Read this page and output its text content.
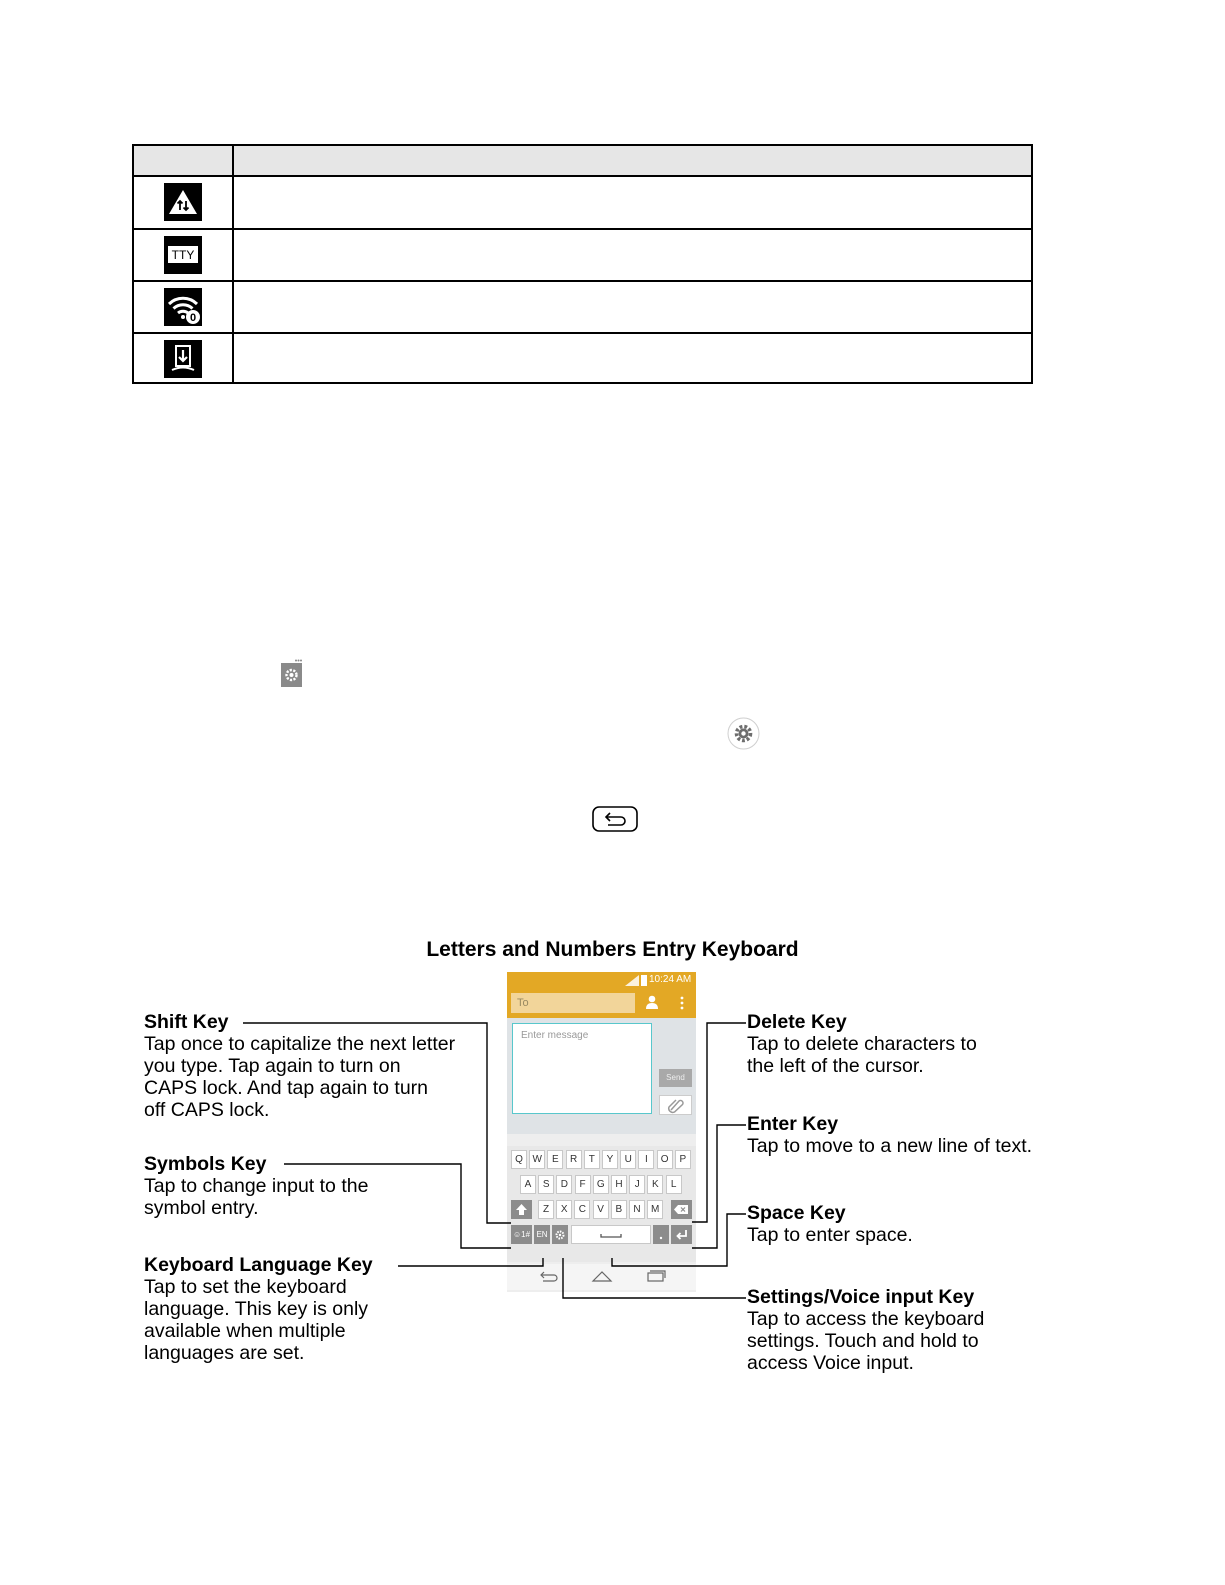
TTY
0
Letters and Numbers Entry Keyboard
10:24 AM
To
Enter message
Send
Q W	E	R	T	Y	U	I	O	P
A	S	D	F	G	H	J	K	L
Z	X	C	V	B	N	M
☺1# EN
Shift Key
Tap once to capitalize the next letter
you type. Tap again to turn on
CAPS lock. And tap again to turn
off CAPS lock.
Symbols Key
Tap to change input to the
symbol entry.
Keyboard Language Key
Tap to set the keyboard
language. This key is only
available when multiple
languages are set.
Delete Key
Tap to delete characters to
the left of the cursor.
Enter Key
Tap to move to a new line of text.
Space Key
Tap to enter space.
Settings/Voice input Key
Tap to access the keyboard
settings. Touch and hold to
access Voice input.
